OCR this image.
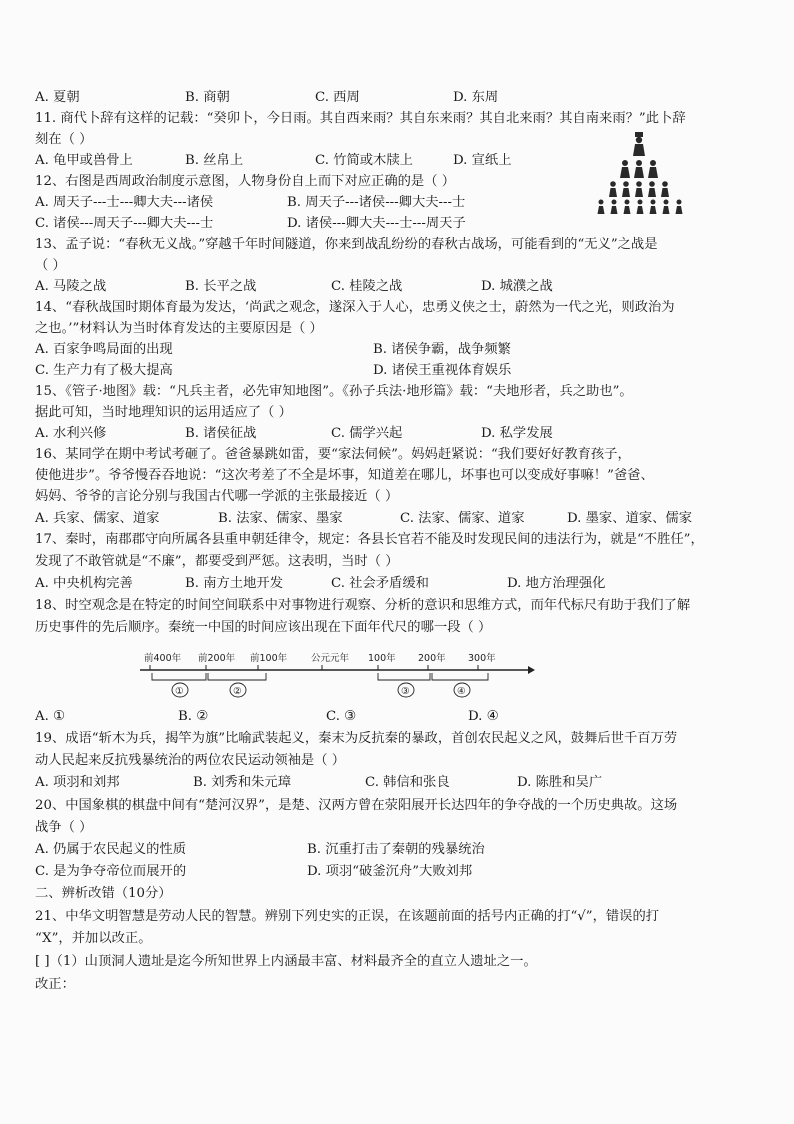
A. 夏朝	B. 商朝	C. 西周	D. 东周
11. 商代卜辞有这样的记载：“癸卯卜，今日雨。其自西来雨？其自东来雨？其自北来雨？其自南来雨？”此卜辞
刻在（ ）
A. 龟甲或兽骨上	B. 丝帛上	C. 竹简或木牍上	D. 宣纸上
12、右图是西周政治制度示意图，人物身份自上而下对应正确的是（ ）
A. 周天子---士---卿大夫---诸侯	B. 周天子---诸侯---卿大夫---士
C. 诸侯---周天子---卿大夫---士	D. 诸侯---卿大夫---士---周天子
13、孟子说：“春秋无义战。”穿越千年时间隧道，你来到战乱纷纷的春秋古战场，可能看到的“无义”之战是
（ ）
A. 马陵之战	B. 长平之战	C. 桂陵之战	D. 城濮之战
14、“春秋战国时期体育最为发达，‘尚武之观念，遂深入于人心，忠勇义侠之士，蔚然为一代之光，则政治为
之也。’”材料认为当时体育发达的主要原因是（ ）
A. 百家争鸣局面的出现	B. 诸侯争霸，战争频繁
C. 生产力有了极大提高	D. 诸侯王重视体育娱乐
15、《管子·地图》载：“凡兵主者，必先审知地图”。《孙子兵法·地形篇》载：“夫地形者，兵之助也”。
据此可知，当时地理知识的运用适应了（ ）
A. 水利兴修	B. 诸侯征战	C. 儒学兴起	D. 私学发展
16、某同学在期中考试考砸了。爸爸暴跳如雷，要“家法伺候”。妈妈赶紧说：“我们要好好教育孩子，
使他进步”。爷爷慢吞吞地说：“这次考差了不全是坏事，知道差在哪儿，坏事也可以变成好事嘛！”爸爸、
妈妈、爷爷的言论分别与我国古代哪一学派的主张最接近（ ）
A. 兵家、儒家、道家	B. 法家、儒家、墨家	C. 法家、儒家、道家	D. 墨家、道家、儒家
17、秦时，南郡郡守向所属各县重申朝廷律令，规定：各县长官若不能及时发现民间的违法行为，就是“不胜任”，
发现了不敢管就是“不廉”，都要受到严惩。这表明，当时（ ）
A. 中央机构完善	B. 南方土地开发	C. 社会矛盾缓和	D. 地方治理强化
18、时空观念是在特定的时间空间联系中对事物进行观察、分析的意识和思维方式，而年代标尺有助于我们了解
历史事件的先后顺序。秦统一中国的时间应该出现在下面年代尺的哪一段（ ）
前400年 前200年 前100年	公元元年 100年 200年 300年
①	②	③	④
A. ①	B. ②	C. ③	D. ④
19、成语“斩木为兵，揭竿为旗”比喻武装起义，秦末为反抗秦的暴政，首创农民起义之风，鼓舞后世千百万劳
动人民起来反抗残暴统治的两位农民运动领袖是（ ）
A. 项羽和刘邦	B. 刘秀和朱元璋	C. 韩信和张良	D. 陈胜和吴广
20、中国象棋的棋盘中间有“楚河汉界”，是楚、汉两方曾在荥阳展开长达四年的争夺战的一个历史典故。这场
战争（ ）
A. 仍属于农民起义的性质	B. 沉重打击了秦朝的残暴统治
C. 是为争夺帝位而展开的	D. 项羽“破釜沉舟”大败刘邦
二、辨析改错（10分）
21、中华文明智慧是劳动人民的智慧。辨别下列史实的正误，在该题前面的括号内正确的打“√”，错误的打
“X”，并加以改正。
[ ]（1）山顶洞人遗址是迄今所知世界上内涵最丰富、材料最齐全的直立人遗址之一。
改正：
